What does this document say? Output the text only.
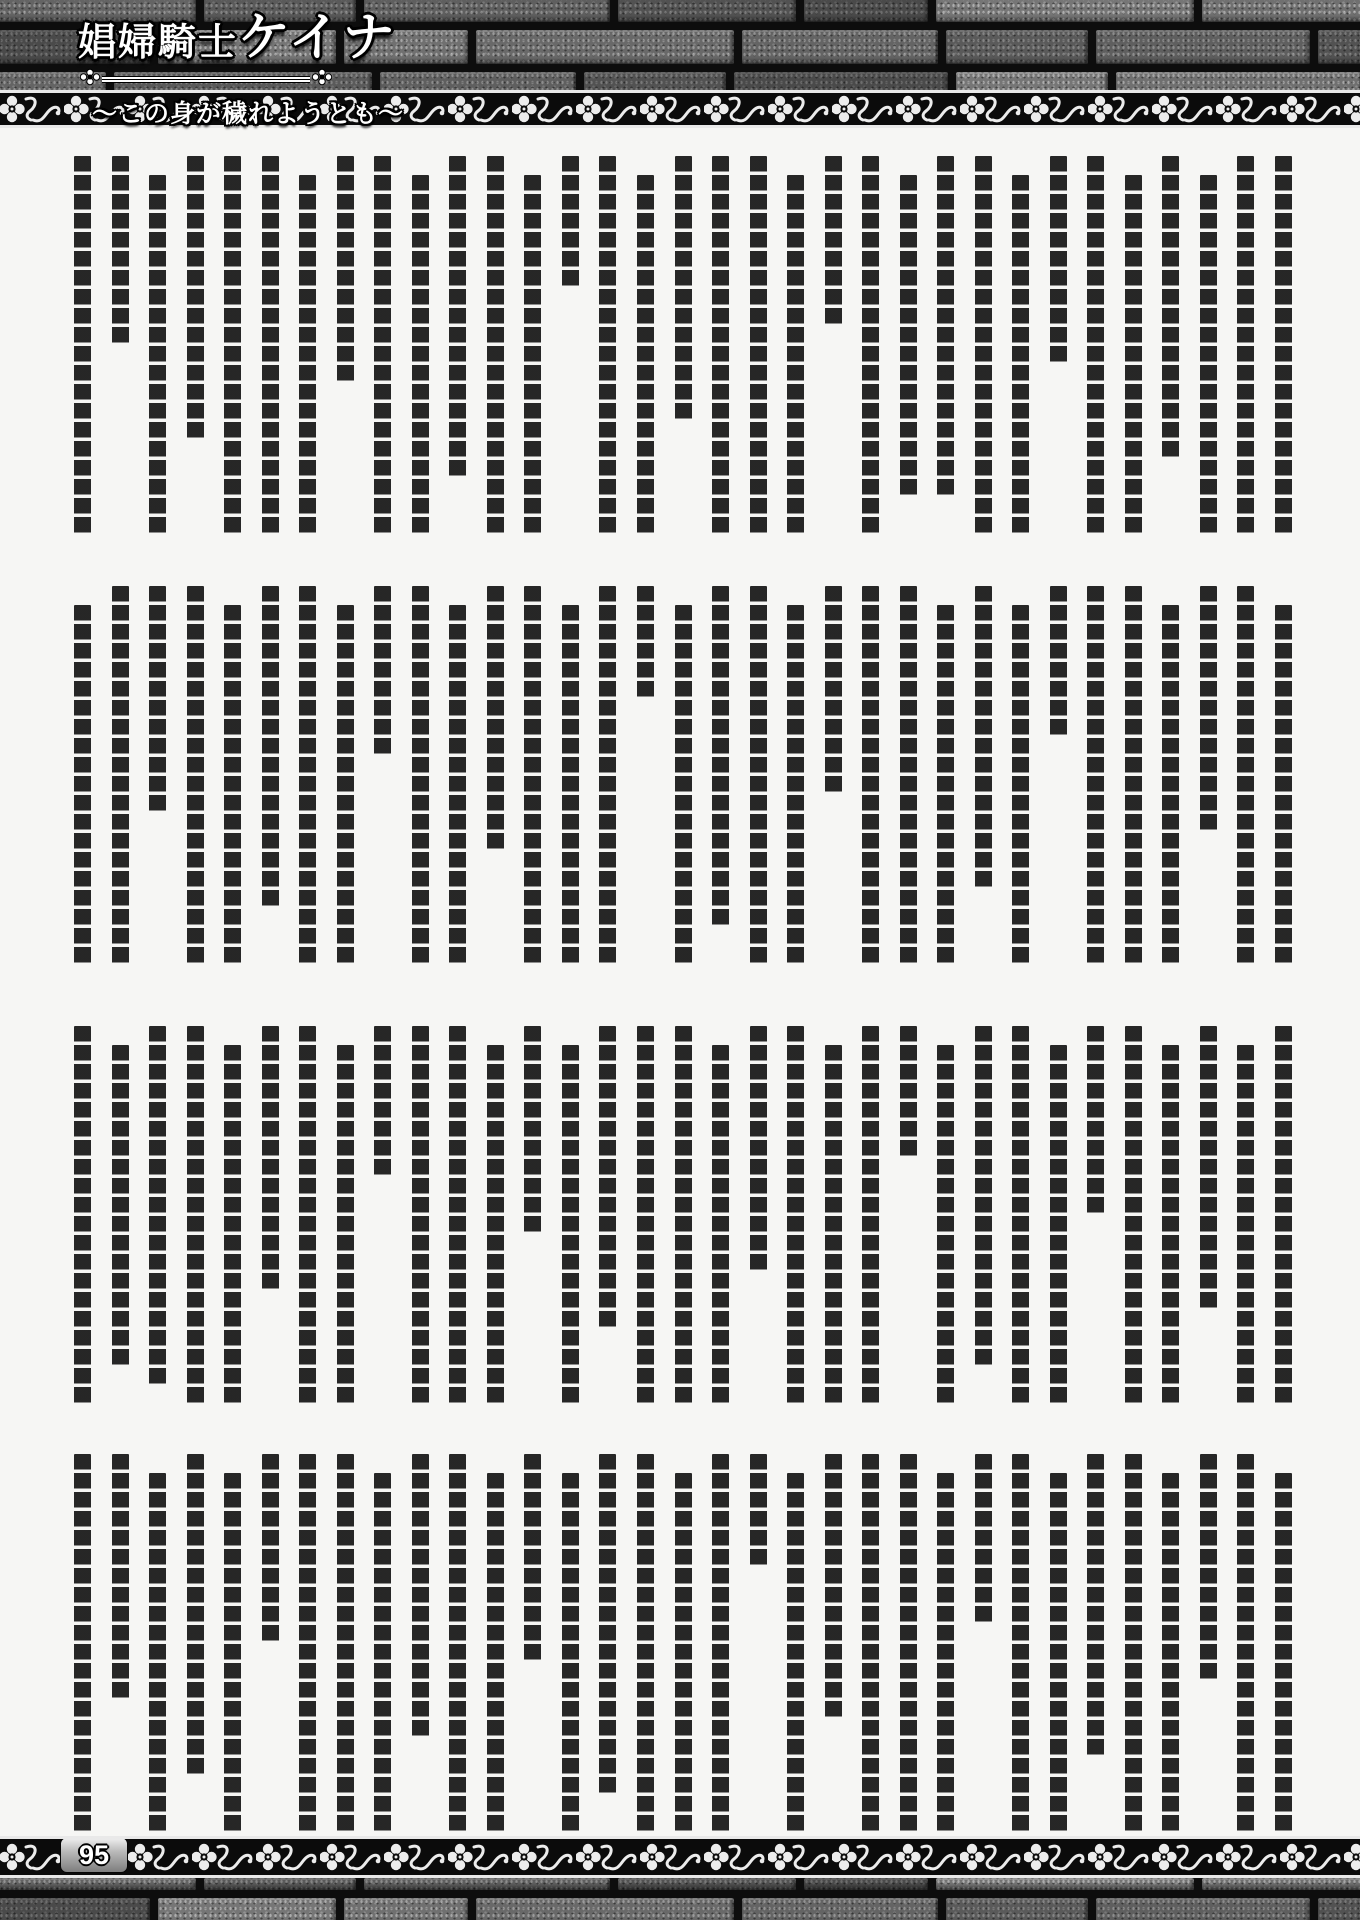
娼婦騎士ケイナ
～この身が穢れようとも～
95
